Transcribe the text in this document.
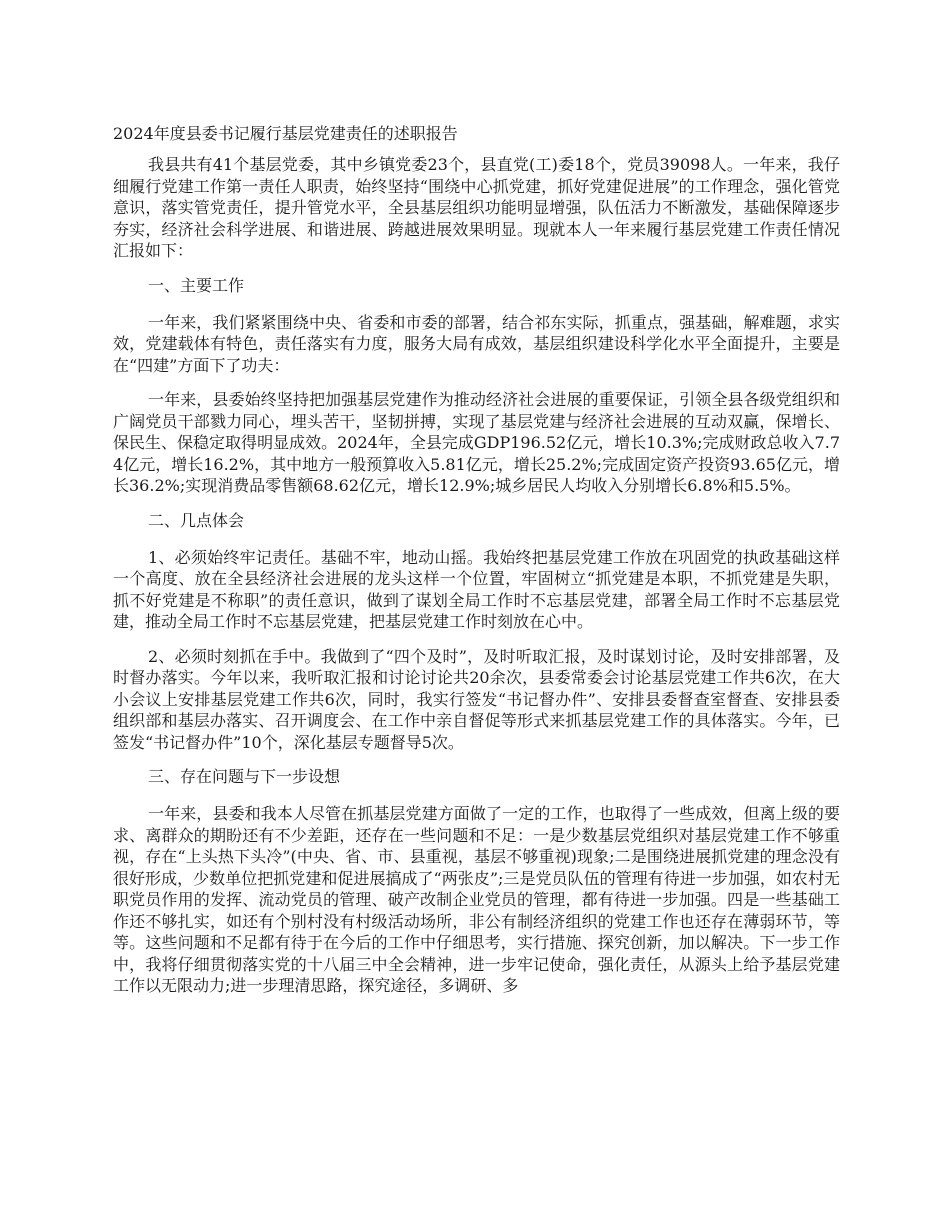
2024年度县委书记履行基层党建责任的述职报告

我县共有41个基层党委，其中乡镇党委23个，县直党(工)委18个，党员39098人。一年来，我仔细履行党建工作第一责任人职责，始终坚持“围绕中心抓党建，抓好党建促进展”的工作理念，强化管党意识，落实管党责任，提升管党水平，全县基层组织功能明显增强，队伍活力不断激发，基础保障逐步夯实，经济社会科学进展、和谐进展、跨越进展效果明显。现就本人一年来履行基层党建工作责任情况汇报如下：

一、主要工作

一年来，我们紧紧围绕中央、省委和市委的部署，结合祁东实际，抓重点，强基础，解难题，求实效，党建载体有特色，责任落实有力度，服务大局有成效，基层组织建设科学化水平全面提升，主要是在“四建”方面下了功夫：

一年来，县委始终坚持把加强基层党建作为推动经济社会进展的重要保证，引领全县各级党组织和广阔党员干部戮力同心，埋头苦干，坚韧拼搏，实现了基层党建与经济社会进展的互动双赢，保增长、保民生、保稳定取得明显成效。2024年，全县完成GDP196.52亿元，增长10.3%;完成财政总收入7.74亿元，增长16.2%，其中地方一般预算收入5.81亿元，增长25.2%;完成固定资产投资93.65亿元，增长36.2%;实现消费品零售额68.62亿元，增长12.9%;城乡居民人均收入分别增长6.8%和5.5%。

二、几点体会

1、必须始终牢记责任。基础不牢，地动山摇。我始终把基层党建工作放在巩固党的执政基础这样一个高度、放在全县经济社会进展的龙头这样一个位置，牢固树立“抓党建是本职，不抓党建是失职，抓不好党建是不称职”的责任意识，做到了谋划全局工作时不忘基层党建，部署全局工作时不忘基层党建，推动全局工作时不忘基层党建，把基层党建工作时刻放在心中。

2、必须时刻抓在手中。我做到了“四个及时”，及时听取汇报，及时谋划讨论，及时安排部署，及时督办落实。今年以来，我听取汇报和讨论讨论共20余次，县委常委会讨论基层党建工作共6次，在大小会议上安排基层党建工作共6次，同时，我实行签发“书记督办件”、安排县委督查室督查、安排县委组织部和基层办落实、召开调度会、在工作中亲自督促等形式来抓基层党建工作的具体落实。今年，已签发“书记督办件”10个，深化基层专题督导5次。

三、存在问题与下一步设想

一年来，县委和我本人尽管在抓基层党建方面做了一定的工作，也取得了一些成效，但离上级的要求、离群众的期盼还有不少差距，还存在一些问题和不足：一是少数基层党组织对基层党建工作不够重视，存在“上头热下头冷”(中央、省、市、县重视，基层不够重视)现象;二是围绕进展抓党建的理念没有很好形成，少数单位把抓党建和促进展搞成了“两张皮”;三是党员队伍的管理有待进一步加强，如农村无职党员作用的发挥、流动党员的管理、破产改制企业党员的管理，都有待进一步加强。四是一些基础工作还不够扎实，如还有个别村没有村级活动场所，非公有制经济组织的党建工作也还存在薄弱环节，等等。这些问题和不足都有待于在今后的工作中仔细思考，实行措施、探究创新，加以解决。下一步工作中，我将仔细贯彻落实党的十八届三中全会精神，进一步牢记使命，强化责任，从源头上给予基层党建工作以无限动力;进一步理清思路，探究途径，多调研、多
